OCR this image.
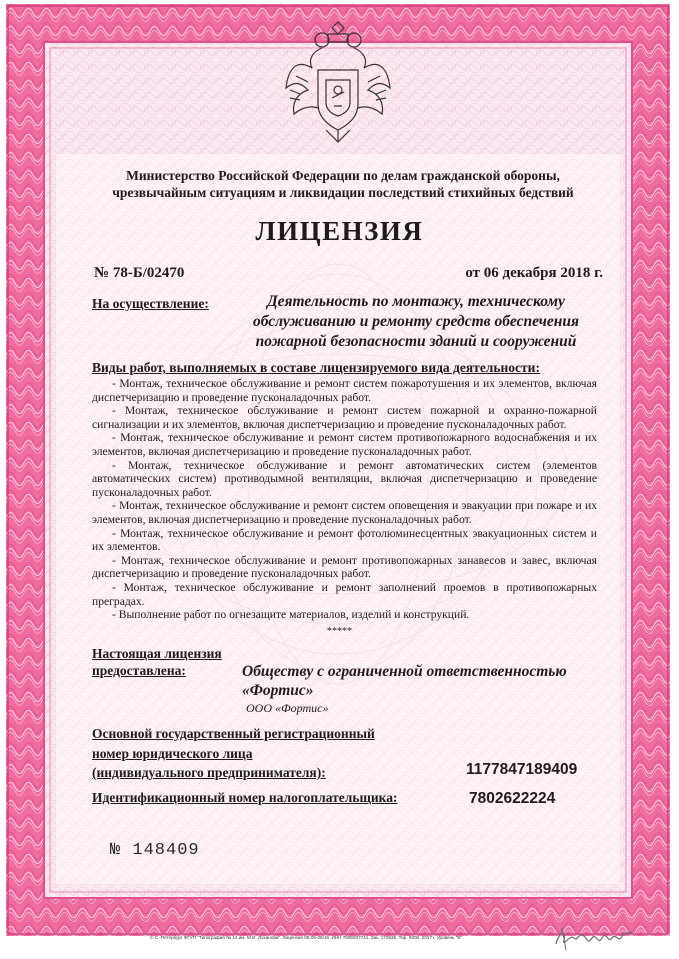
Министерство Российской Федерации по делам гражданской обороны, чрезвычайным ситуациям и ликвидации последствий стихийных бедствий
ЛИЦЕНЗИЯ
№ 78-Б/02470	от 06 декабря 2018 г.
На осуществление:	Деятельность по монтажу, техническому обслуживанию и ремонту средств обеспечения пожарной безопасности зданий и сооружений
Виды работ, выполняемых в составе лицензируемого вида деятельности:

- Монтаж, техническое обслуживание и ремонт систем пожаротушения и их элементов, включая диспетчеризацию и проведение пусконаладочных работ.

- Монтаж, техническое обслуживание и ремонт систем пожарной и охранно-пожарной сигнализации и их элементов, включая диспетчеризацию и проведение пусконаладочных работ.

- Монтаж, техническое обслуживание и ремонт систем противопожарного водоснабжения и их элементов, включая диспетчеризацию и проведение пусконаладочных работ.

- Монтаж, техническое обслуживание и ремонт автоматических систем (элементов автоматических систем) противодымной вентиляции, включая диспетчеризацию и проведение пусконаладочных работ.

- Монтаж, техническое обслуживание и ремонт систем оповещения и эвакуации при пожаре и их элементов, включая диспетчеризацию и проведение пусконаладочных работ.

- Монтаж, техническое обслуживание и ремонт фотолюминесцентных эвакуационных систем и их элементов.

- Монтаж, техническое обслуживание и ремонт противопожарных занавесов и завес, включая диспетчеризацию и проведение пусконаладочных работ.

- Монтаж, техническое обслуживание и ремонт заполнений проемов в противопожарных преградах.

- Выполнение работ по огнезащите материалов, изделий и конструкций.

*****
Настоящая лицензия
предоставлена:	Обществу с ограниченной ответственностью «Фортис»
ООО «Фортис»
Основной государственный регистрационный
номер юридического лица
(индивидуального предпринимателя):	1177847189409
Идентификационный номер налогоплательщика:	7802622224
№ 148409
© С.-Петербург ФГУП "Типография № 12 им. М.И. Лоханова". Лицензия 05-05-09/19. ИНН 7806037741. Зак. 170828. Тир. 6000. 2017 г. Уровень "Б"
